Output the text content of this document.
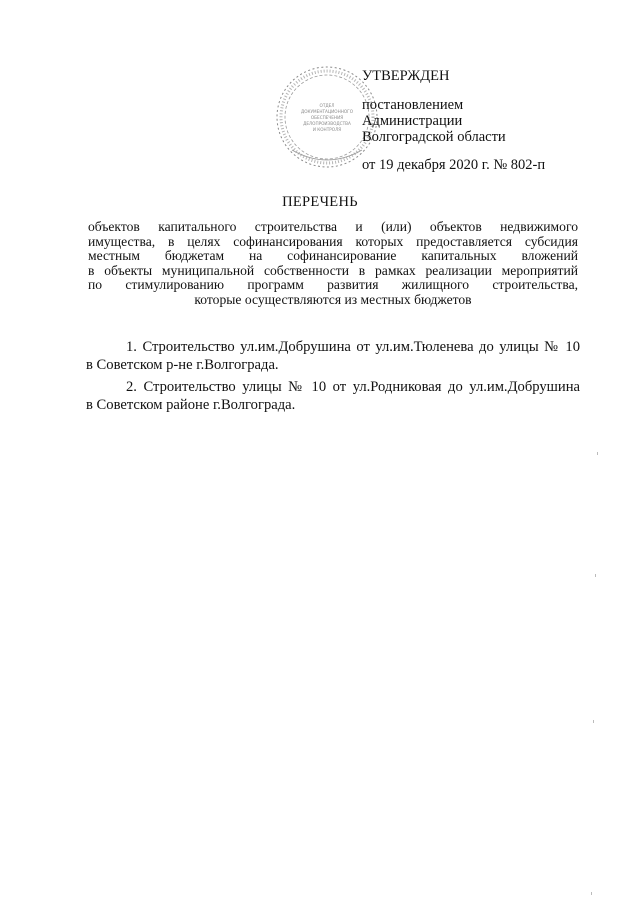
ОТДЕЛ
ДОКУМЕНТАЦИОННОГО
ОБЕСПЕЧЕНИЯ
ДЕЛОПРОИЗВОДСТВА
И КОНТРОЛЯ
УТВЕРЖДЕН
постановлением
Администрации
Волгоградской области
от 19 декабря 2020 г. № 802-п
ПЕРЕЧЕНЬ
объектов капитального строительства и (или) объектов недвижимого
имущества, в целях софинансирования которых предоставляется субсидия
местным бюджетам на софинансирование капитальных вложений
в объекты муниципальной собственности в рамках реализации мероприятий
по стимулированию программ развития жилищного строительства,
которые осуществляются из местных бюджетов
1. Строительство ул.им.Добрушина от ул.им.Тюленева до улицы № 10
в Советском р-не г.Волгограда.
2. Строительство улицы № 10 от ул.Родниковая до ул.им.Добрушина
в Советском районе г.Волгограда.
